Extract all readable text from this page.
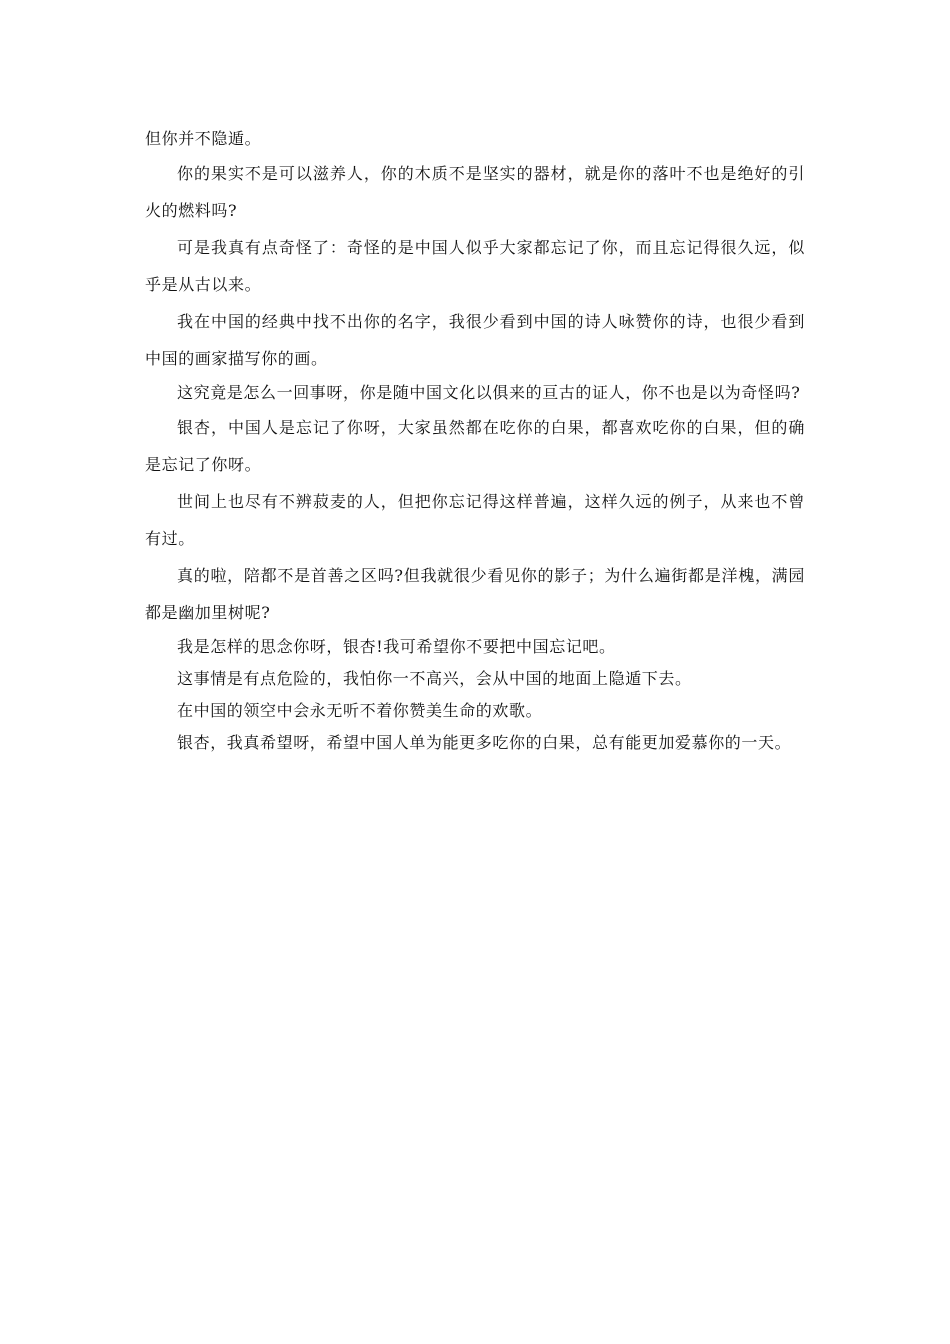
但你并不隐遁。

你的果实不是可以滋养人，你的木质不是坚实的器材，就是你的落叶不也是绝好的引火的燃料吗?

可是我真有点奇怪了：奇怪的是中国人似乎大家都忘记了你，而且忘记得很久远，似乎是从古以来。

我在中国的经典中找不出你的名字，我很少看到中国的诗人咏赞你的诗，也很少看到中国的画家描写你的画。

这究竟是怎么一回事呀，你是随中国文化以俱来的亘古的证人，你不也是以为奇怪吗?

银杏，中国人是忘记了你呀，大家虽然都在吃你的白果，都喜欢吃你的白果，但的确是忘记了你呀。

世间上也尽有不辨菽麦的人，但把你忘记得这样普遍，这样久远的例子，从来也不曾有过。

真的啦，陪都不是首善之区吗?但我就很少看见你的影子；为什么遍街都是洋槐，满园都是幽加里树呢?

我是怎样的思念你呀，银杏!我可希望你不要把中国忘记吧。

这事情是有点危险的，我怕你一不高兴，会从中国的地面上隐遁下去。

在中国的领空中会永无听不着你赞美生命的欢歌。

银杏，我真希望呀，希望中国人单为能更多吃你的白果，总有能更加爱慕你的一天。
